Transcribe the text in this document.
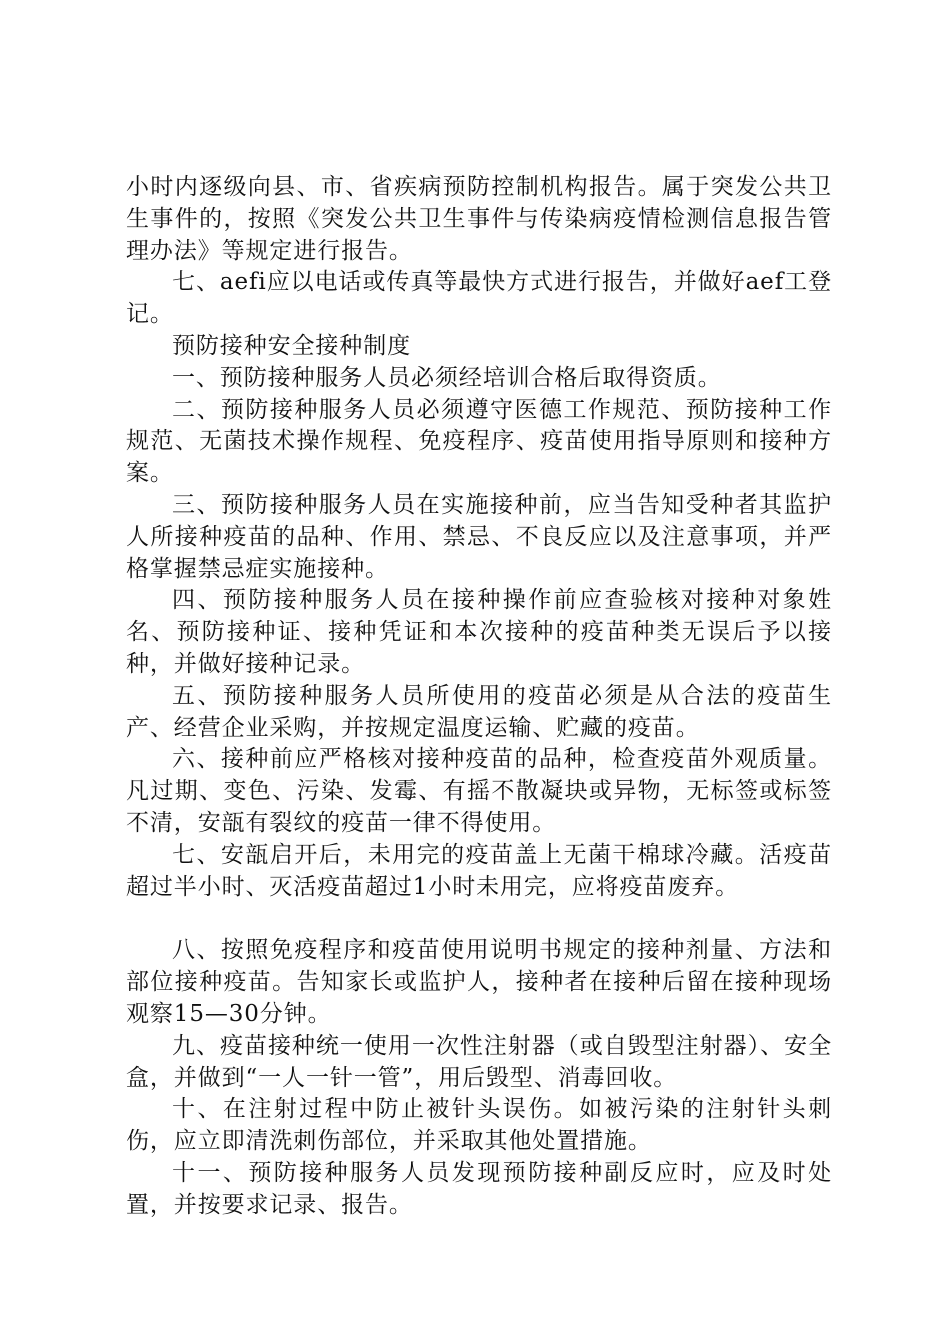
小时内逐级向县、市、省疾病预防控制机构报告。属于突发公共卫生事件的，按照《突发公共卫生事件与传染病疫情检测信息报告管理办法》等规定进行报告。

七、aefi应以电话或传真等最快方式进行报告，并做好aef工登记。

预防接种安全接种制度

一、预防接种服务人员必须经培训合格后取得资质。

二、预防接种服务人员必须遵守医德工作规范、预防接种工作规范、无菌技术操作规程、免疫程序、疫苗使用指导原则和接种方案。

三、预防接种服务人员在实施接种前，应当告知受种者其监护人所接种疫苗的品种、作用、禁忌、不良反应以及注意事项，并严格掌握禁忌症实施接种。

四、预防接种服务人员在接种操作前应查验核对接种对象姓名、预防接种证、接种凭证和本次接种的疫苗种类无误后予以接种，并做好接种记录。

五、预防接种服务人员所使用的疫苗必须是从合法的疫苗生产、经营企业采购，并按规定温度运输、贮藏的疫苗。

六、接种前应严格核对接种疫苗的品种，检查疫苗外观质量。凡过期、变色、污染、发霉、有摇不散凝块或异物，无标签或标签不清，安瓿有裂纹的疫苗一律不得使用。

七、安瓿启开后，未用完的疫苗盖上无菌干棉球冷藏。活疫苗超过半小时、灭活疫苗超过1小时未用完，应将疫苗废弃。

八、按照免疫程序和疫苗使用说明书规定的接种剂量、方法和部位接种疫苗。告知家长或监护人，接种者在接种后留在接种现场观察15—30分钟。

九、疫苗接种统一使用一次性注射器（或自毁型注射器）、安全盒，并做到“一人一针一管”，用后毁型、消毒回收。

十、在注射过程中防止被针头误伤。如被污染的注射针头刺伤，应立即清洗刺伤部位，并采取其他处置措施。

十一、预防接种服务人员发现预防接种副反应时，应及时处置，并按要求记录、报告。
